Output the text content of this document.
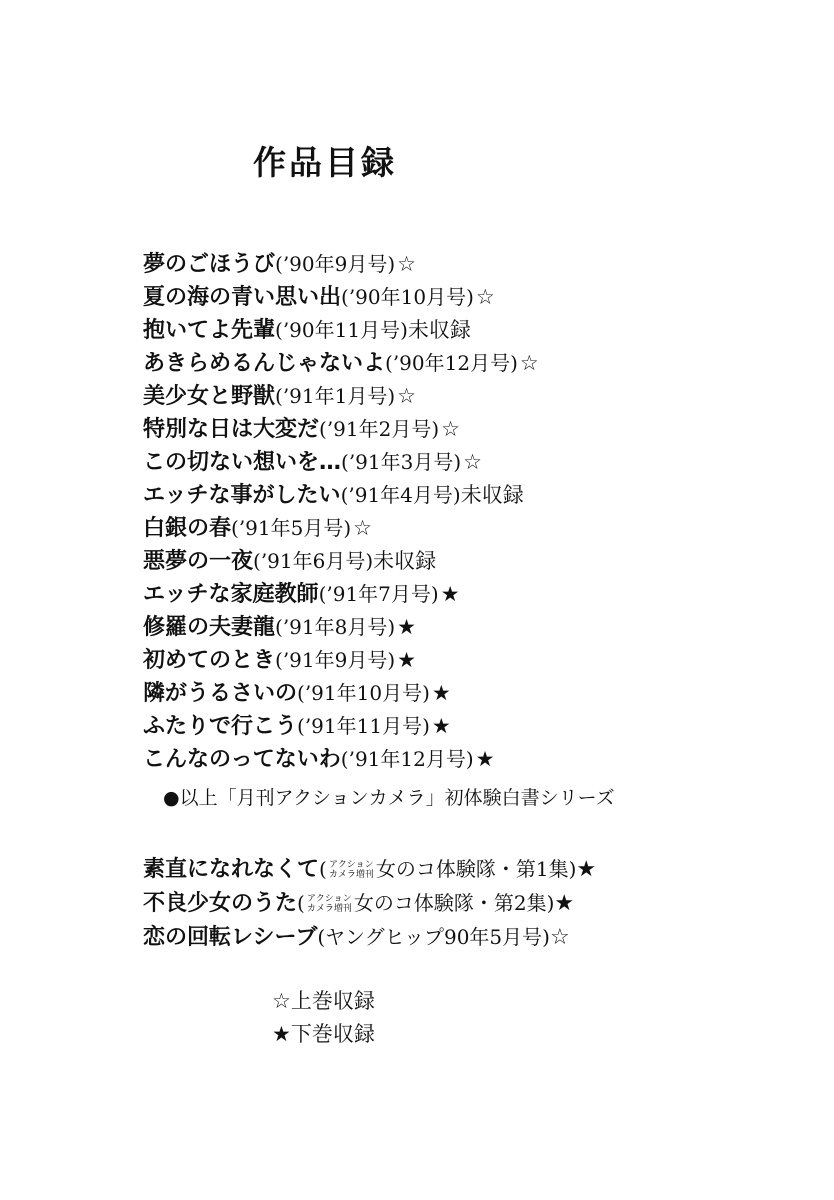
作品目録
夢のごほうび(’90年9月号)☆
夏の海の青い思い出(’90年10月号)☆
抱いてよ先輩(’90年11月号)未収録
あきらめるんじゃないよ(’90年12月号)☆
美少女と野獣(’91年1月号)☆
特別な日は大変だ(’91年2月号)☆
この切ない想いを…(’91年3月号)☆
エッチな事がしたい(’91年4月号)未収録
白銀の春(’91年5月号)☆
悪夢の一夜(’91年6月号)未収録
エッチな家庭教師(’91年7月号)★
修羅の夫妻龍(’91年8月号)★
初めてのとき(’91年9月号)★
隣がうるさいの(’91年10月号)★
ふたりで行こう(’91年11月号)★
こんなのってないわ(’91年12月号)★
●以上「月刊アクションカメラ」初体験白書シリーズ
素直になれなくて( アクション
カメラ増刊 女のコ体験隊・第1集)★
不良少女のうた( アクション
カメラ増刊 女のコ体験隊・第2集)★
恋の回転レシーブ(ヤングヒップ90年5月号)☆
☆上巻収録
★下巻収録
